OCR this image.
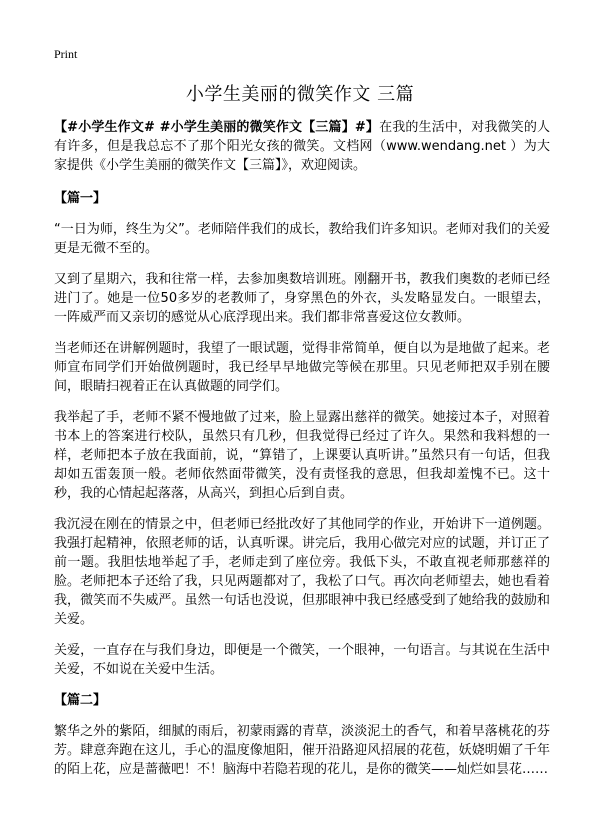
Print
小学生美丽的微笑作文 三篇

【#小学生作文# #小学生美丽的微笑作文【三篇】#】在我的生活中，对我微笑的人有许多，但是我总忘不了那个阳光女孩的微笑。文档网（www.wendang.net ）为大家提供《小学生美丽的微笑作文【三篇】》，欢迎阅读。

【篇一】

“一日为师，终生为父”。老师陪伴我们的成长，教给我们许多知识。老师对我们的关爱更是无微不至的。

又到了星期六，我和往常一样，去参加奥数培训班。刚翻开书，教我们奥数的老师已经进门了。她是一位50多岁的老教师了，身穿黑色的外衣，头发略显发白。一眼望去，一阵威严而又亲切的感觉从心底浮现出来。我们都非常喜爱这位女教师。

当老师还在讲解例题时，我望了一眼试题，觉得非常简单，便自以为是地做了起来。老师宣布同学们开始做例题时，我已经早早地做完等候在那里。只见老师把双手别在腰间，眼睛扫视着正在认真做题的同学们。

我举起了手，老师不紧不慢地做了过来，脸上显露出慈祥的微笑。她接过本子，对照着书本上的答案进行校队，虽然只有几秒，但我觉得已经过了许久。果然和我料想的一样，老师把本子放在我面前，说，“算错了，上课要认真听讲。”虽然只有一句话，但我却如五雷轰顶一般。老师依然面带微笑，没有责怪我的意思，但我却羞愧不已。这十秒，我的心情起起落落，从高兴，到担心后到自责。

我沉浸在刚在的情景之中，但老师已经批改好了其他同学的作业，开始讲下一道例题。我强打起精神，依照老师的话，认真听课。讲完后，我用心做完对应的试题，并订正了前一题。我胆怯地举起了手，老师走到了座位旁。我低下头，不敢直视老师那慈祥的脸。老师把本子还给了我，只见两题都对了，我松了口气。再次向老师望去，她也看着我，微笑而不失威严。虽然一句话也没说，但那眼神中我已经感受到了她给我的鼓励和关爱。

关爱，一直存在与我们身边，即便是一个微笑，一个眼神，一句语言。与其说在生活中关爱，不如说在关爱中生活。

【篇二】

繁华之外的紫陌，细腻的雨后，初蒙雨露的青草，淡淡泥土的香气，和着早落桃花的芬芳。肆意奔跑在这儿，手心的温度像旭阳，催开沿路迎风招展的花苞，妖娆明媚了千年的陌上花，应是蔷薇吧！不！脑海中若隐若现的花儿，是你的微笑——灿烂如昙花……
